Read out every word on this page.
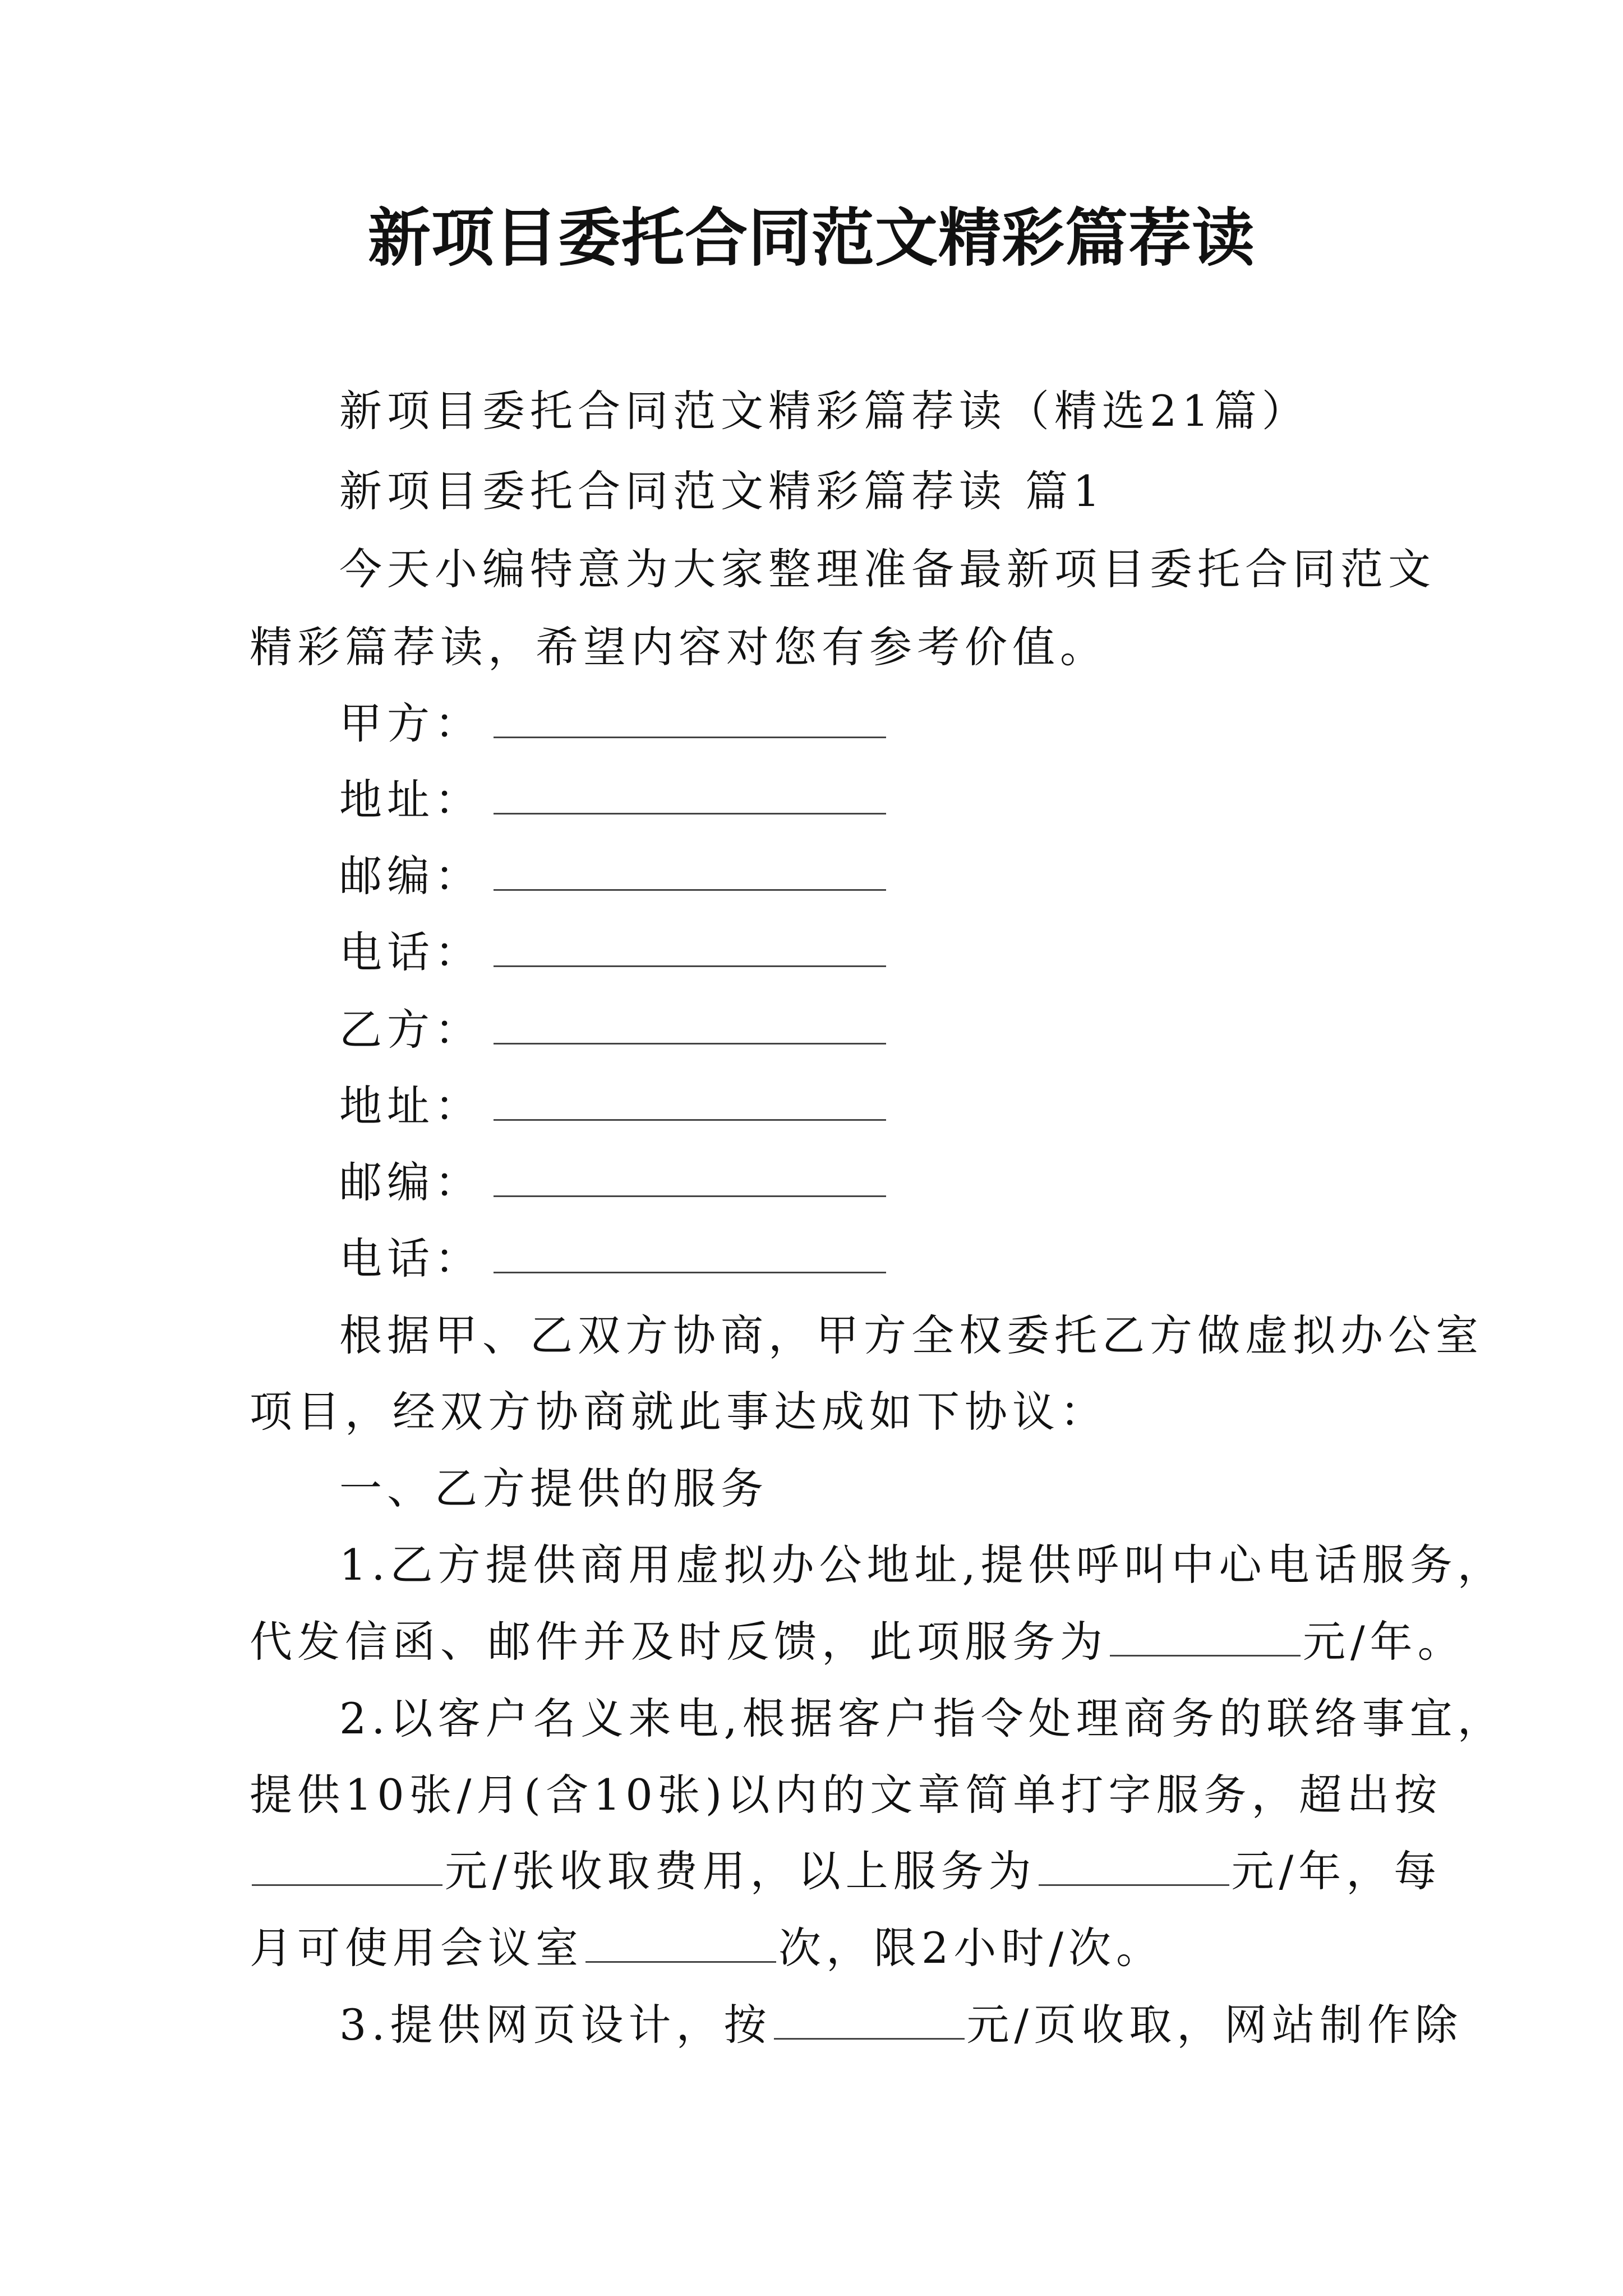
新项目委托合同范文精彩篇荐读
新项目委托合同范文精彩篇荐读（精选21篇）
新项目委托合同范文精彩篇荐读 篇1
今天小编特意为大家整理准备最新项目委托合同范文
精彩篇荐读，希望内容对您有参考价值。
甲方：
地址：
邮编：
电话：
乙方：
地址：
邮编：
电话：
根据甲、乙双方协商，甲方全权委托乙方做虚拟办公室
项目，经双方协商就此事达成如下协议：
一、乙方提供的服务
1.乙方提供商用虚拟办公地址,提供呼叫中心电话服务，
代发信函、邮件并及时反馈，此项服务为	元/年。
2.以客户名义来电,根据客户指令处理商务的联络事宜，
提供10张/月(含10张)以内的文章简单打字服务，超出按
元/张收取费用，以上服务为	元/年，每
月可使用会议室	次，限2小时/次。
3.提供网页设计，按	元/页收取，网站制作除
